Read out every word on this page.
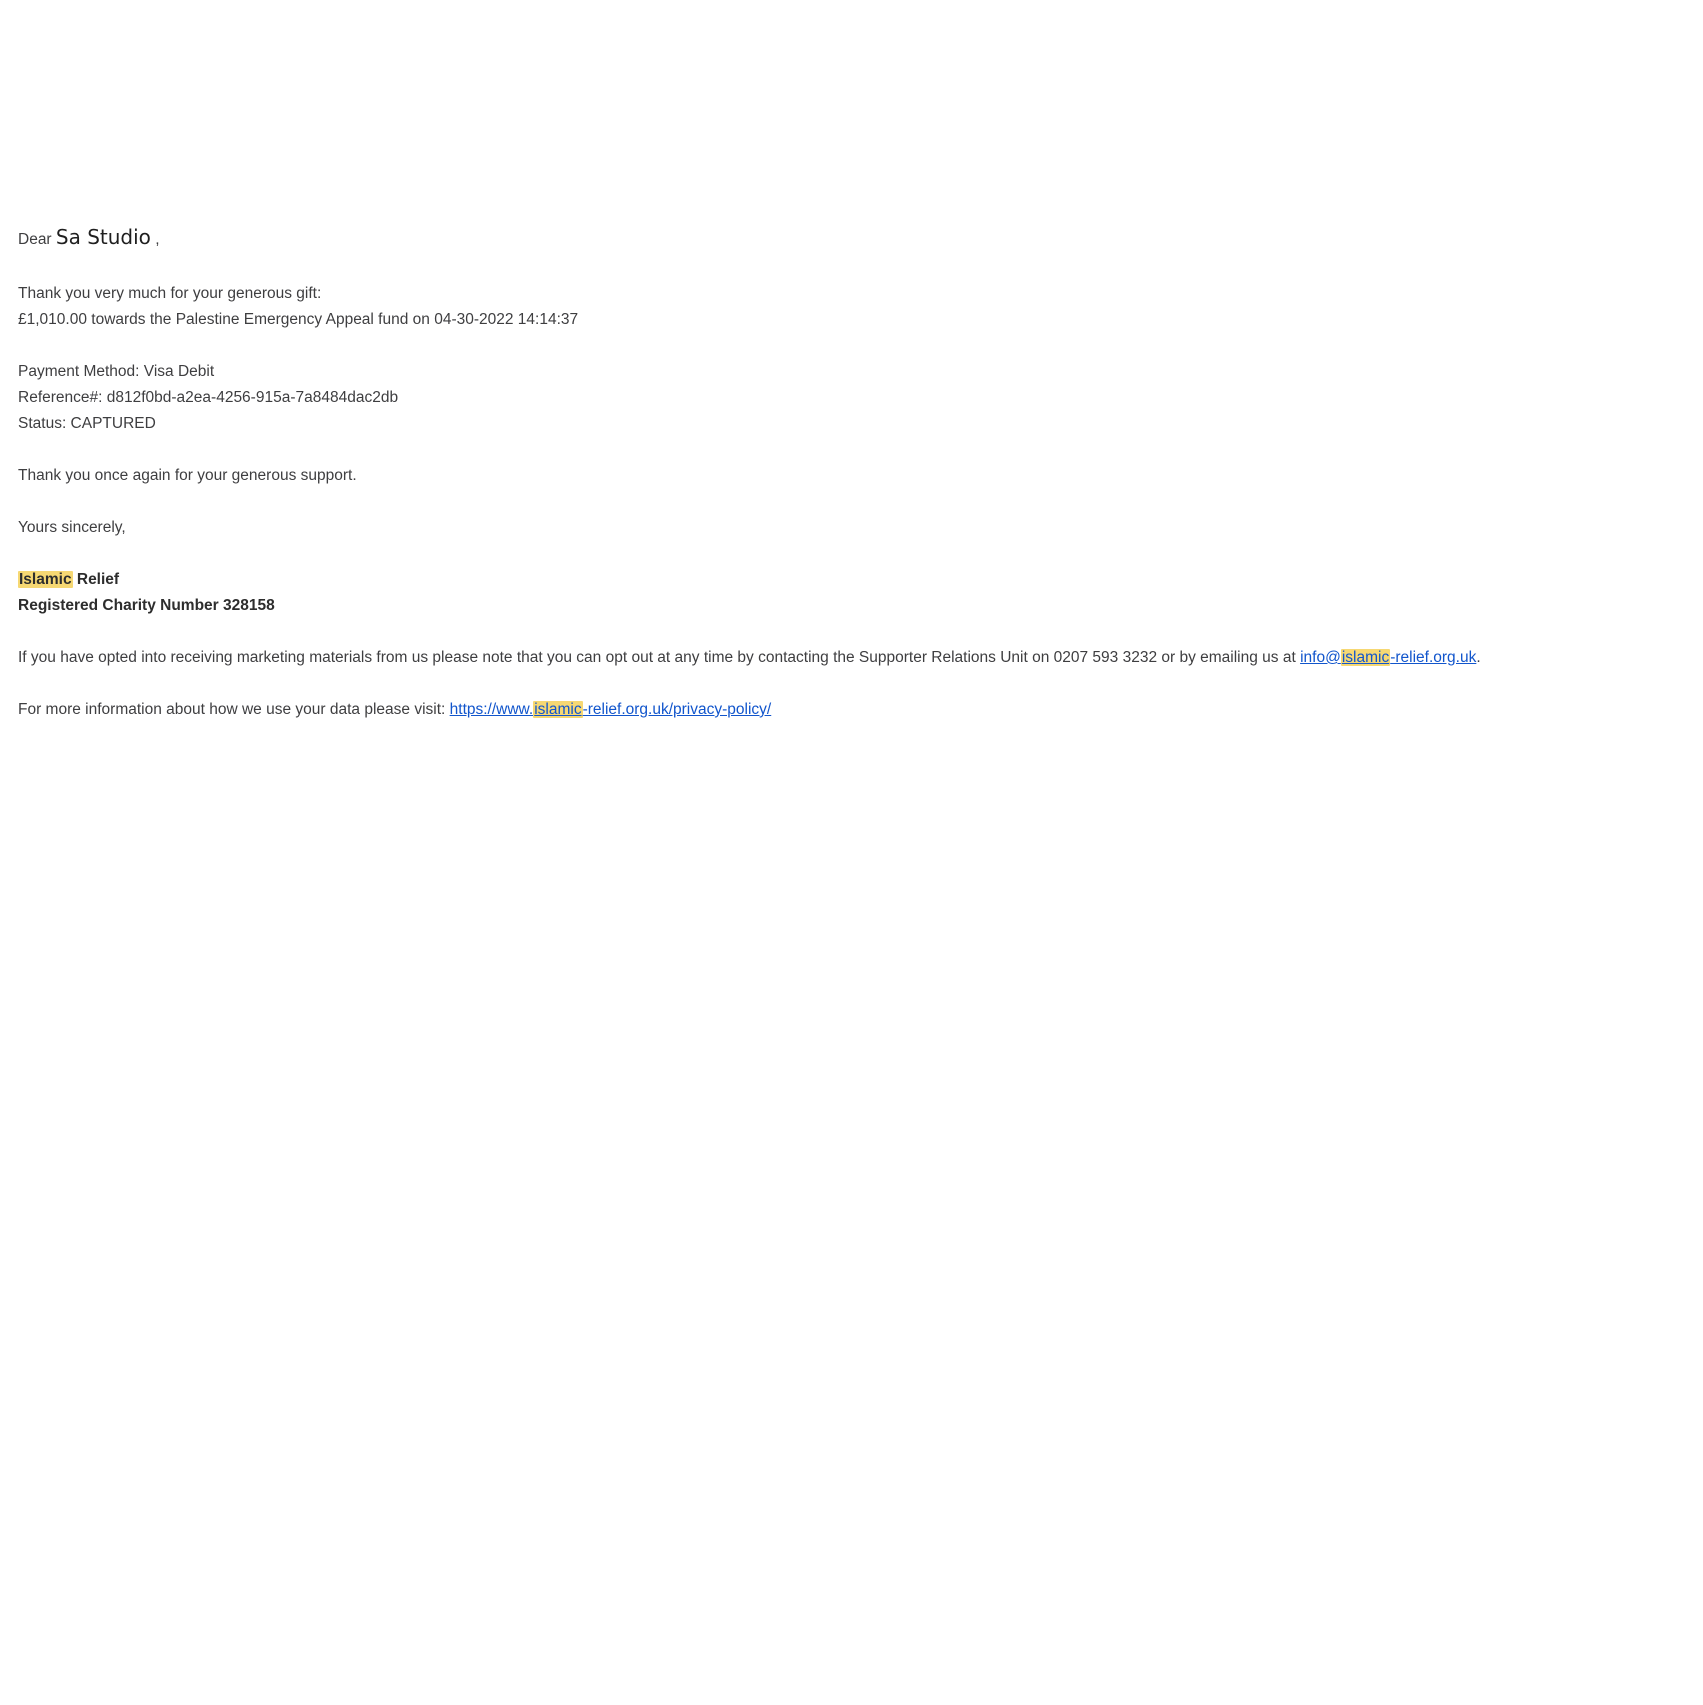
Dear Sa Studio ,

Thank you very much for your generous gift:
£1,010.00 towards the Palestine Emergency Appeal fund on 04-30-2022 14:14:37

Payment Method: Visa Debit
Reference#: d812f0bd-a2ea-4256-915a-7a8484dac2db
Status: CAPTURED

Thank you once again for your generous support.

Yours sincerely,

Islamic Relief
Registered Charity Number 328158

If you have opted into receiving marketing materials from us please note that you can opt out at any time by contacting the Supporter Relations Unit on 0207 593 3232 or by emailing us at info@islamic-relief.org.uk.

For more information about how we use your data please visit: https://www.islamic-relief.org.uk/privacy-policy/
